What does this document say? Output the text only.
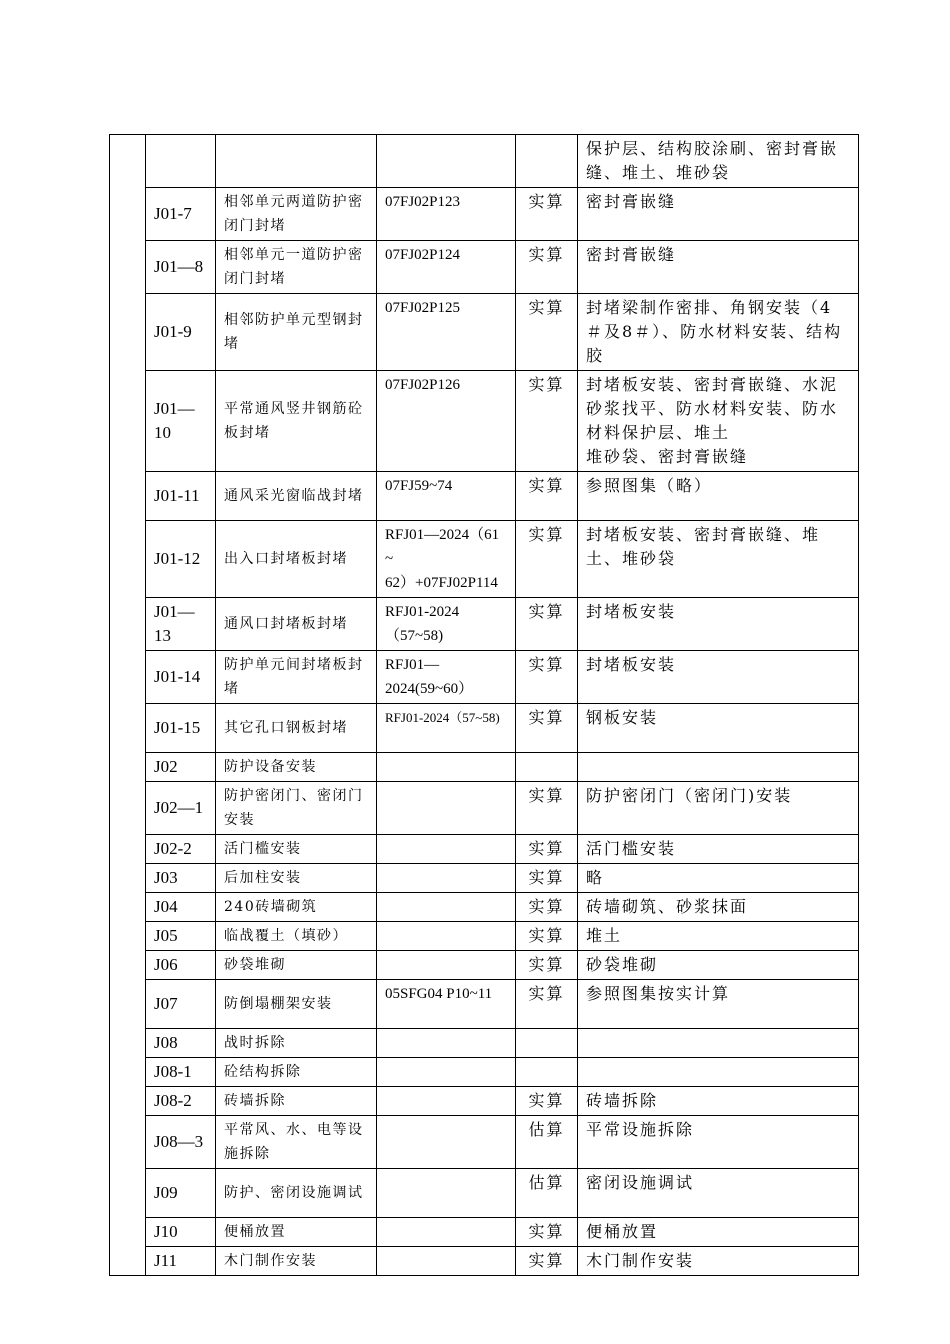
					保护层、结构胶涂刷、密封膏嵌缝、堆土、堆砂袋
	J01-7	相邻单元两道防护密闭门封堵	07FJ02P123	实算	密封膏嵌缝
	J01—8	相邻单元一道防护密闭门封堵	07FJ02P124	实算	密封膏嵌缝
	J01-9	相邻防护单元型钢封堵	07FJ02P125	实算	封堵梁制作密排、角钢安装（4＃及8＃）、防水材料安装、结构胶
	J01—10	平常通风竖井钢筋砼板封堵	07FJ02P126	实算	封堵板安装、密封膏嵌缝、水泥砂浆找平、防水材料安装、防水材料保护层、堆土
堆砂袋、密封膏嵌缝
	J01-11	通风采光窗临战封堵	07FJ59~74	实算	参照图集（略）
	J01-12	出入口封堵板封堵	RFJ01—2024（61 ~ 62）+07FJ02P114	实算	封堵板安装、密封膏嵌缝、堆土、堆砂袋
	J01—13	通风口封堵板封堵	RFJ01-2024（57~58)	实算	封堵板安装
	J01-14	防护单元间封堵板封堵	RFJ01—2024(59~60）	实算	封堵板安装
	J01-15	其它孔口钢板封堵	RFJ01-2024（57~58)	实算	钢板安装
	J02	防护设备安装			
	J02—1	防护密闭门、密闭门安装		实算	防护密闭门（密闭门)安装
	J02-2	活门槛安装		实算	活门槛安装
	J03	后加柱安装		实算	略
	J04	240砖墙砌筑		实算	砖墙砌筑、砂浆抹面
	J05	临战覆土（填砂）		实算	堆土
	J06	砂袋堆砌		实算	砂袋堆砌
	J07	防倒塌棚架安装	05SFG04 P10~11	实算	参照图集按实计算
	J08	战时拆除			
	J08-1	砼结构拆除			
	J08-2	砖墙拆除		实算	砖墙拆除
	J08—3	平常风、水、电等设施拆除		估算	平常设施拆除
	J09	防护、密闭设施调试		估算	密闭设施调试
	J10	便桶放置		实算	便桶放置
	J11	木门制作安装		实算	木门制作安装
